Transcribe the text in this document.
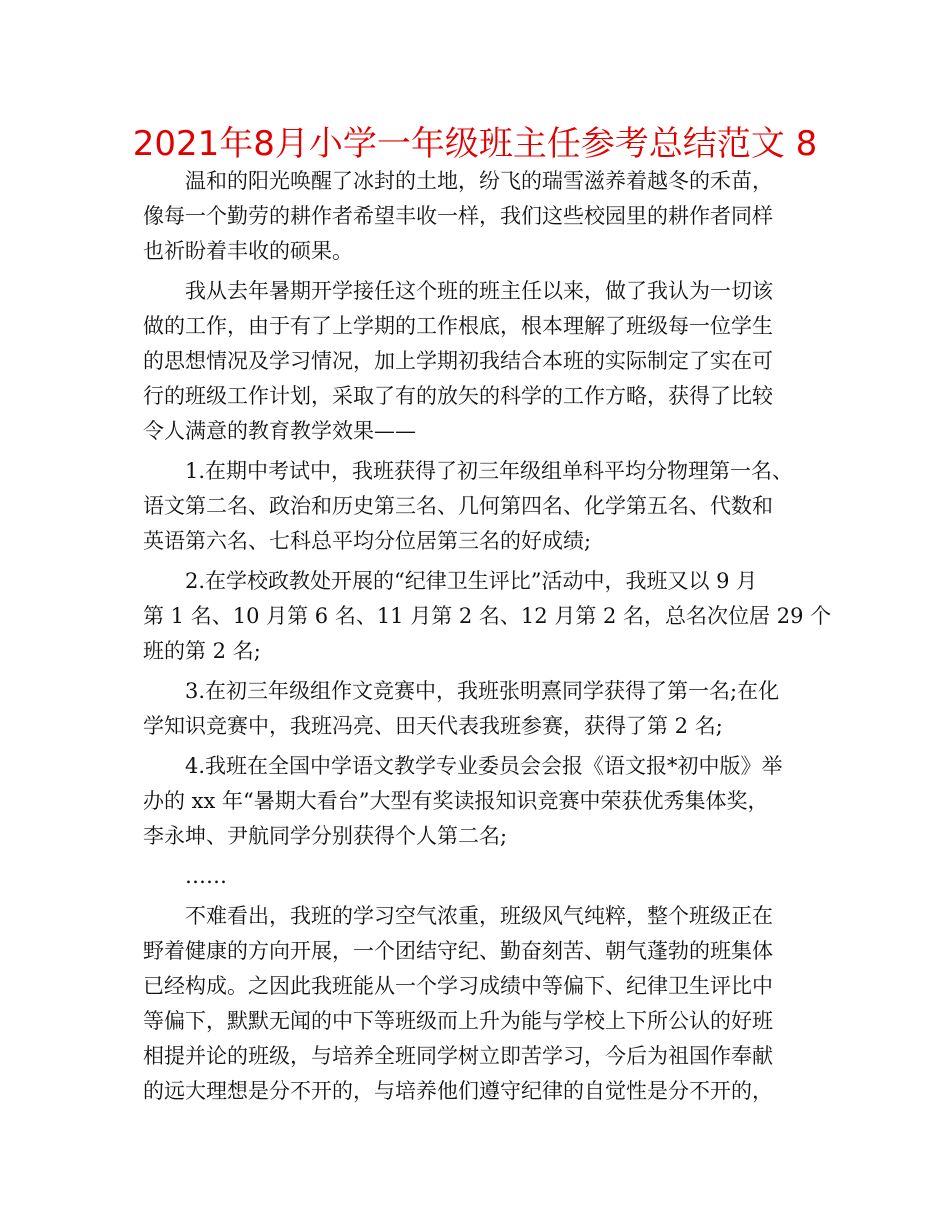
2021年8月小学一年级班主任参考总结范文 8
温和的阳光唤醒了冰封的土地，纷飞的瑞雪滋养着越冬的禾苗，
像每一个勤劳的耕作者希望丰收一样，我们这些校园里的耕作者同样
也祈盼着丰收的硕果。
我从去年暑期开学接任这个班的班主任以来，做了我认为一切该
做的工作，由于有了上学期的工作根底，根本理解了班级每一位学生
的思想情况及学习情况，加上学期初我结合本班的实际制定了实在可
行的班级工作计划，采取了有的放矢的科学的工作方略，获得了比较
令人满意的教育教学效果——
1.在期中考试中，我班获得了初三年级组单科平均分物理第一名、
语文第二名、政治和历史第三名、几何第四名、化学第五名、代数和
英语第六名、七科总平均分位居第三名的好成绩;
2.在学校政教处开展的“纪律卫生评比”活动中，我班又以 9 月
第 1 名、10 月第 6 名、11 月第 2 名、12 月第 2 名，总名次位居 29 个
班的第 2 名;
3.在初三年级组作文竞赛中，我班张明熹同学获得了第一名;在化
学知识竞赛中，我班冯亮、田天代表我班参赛，获得了第 2 名;
4.我班在全国中学语文教学专业委员会会报《语文报*初中版》举
办的 xx 年“暑期大看台”大型有奖读报知识竞赛中荣获优秀集体奖，
李永坤、尹航同学分别获得个人第二名;
……
不难看出，我班的学习空气浓重，班级风气纯粹，整个班级正在
野着健康的方向开展，一个团结守纪、勤奋刻苦、朝气蓬勃的班集体
已经构成。之因此我班能从一个学习成绩中等偏下、纪律卫生评比中
等偏下，默默无闻的中下等班级而上升为能与学校上下所公认的好班
相提并论的班级，与培养全班同学树立即苦学习，今后为祖国作奉献
的远大理想是分不开的，与培养他们遵守纪律的自觉性是分不开的，
